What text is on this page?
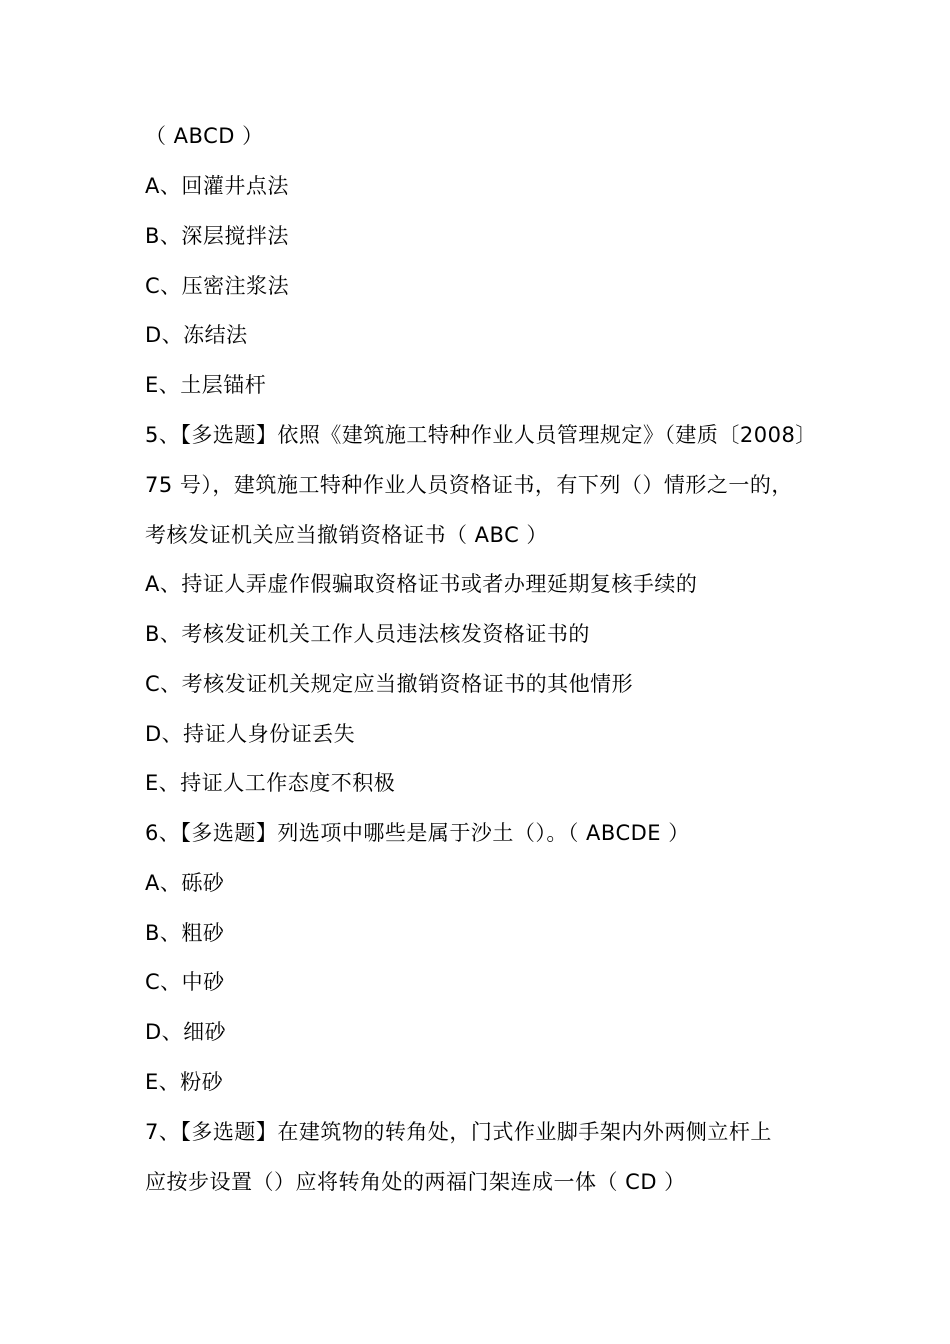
（ ABCD ）
A、回灌井点法
B、深层搅拌法
C、压密注浆法
D、冻结法
E、土层锚杆
5、【多选题】依照《建筑施工特种作业人员管理规定》（建质〔2008〕
75 号），建筑施工特种作业人员资格证书，有下列（）情形之一的，
考核发证机关应当撤销资格证书（ ABC ）
A、持证人弄虚作假骗取资格证书或者办理延期复核手续的
B、考核发证机关工作人员违法核发资格证书的
C、考核发证机关规定应当撤销资格证书的其他情形
D、持证人身份证丢失
E、持证人工作态度不积极
6、【多选题】列选项中哪些是属于沙土（）。（ ABCDE ）
A、砾砂
B、粗砂
C、中砂
D、细砂
E、粉砂
7、【多选题】在建筑物的转角处，门式作业脚手架内外两侧立杆上
应按步设置（）应将转角处的两福门架连成一体（ CD ）
